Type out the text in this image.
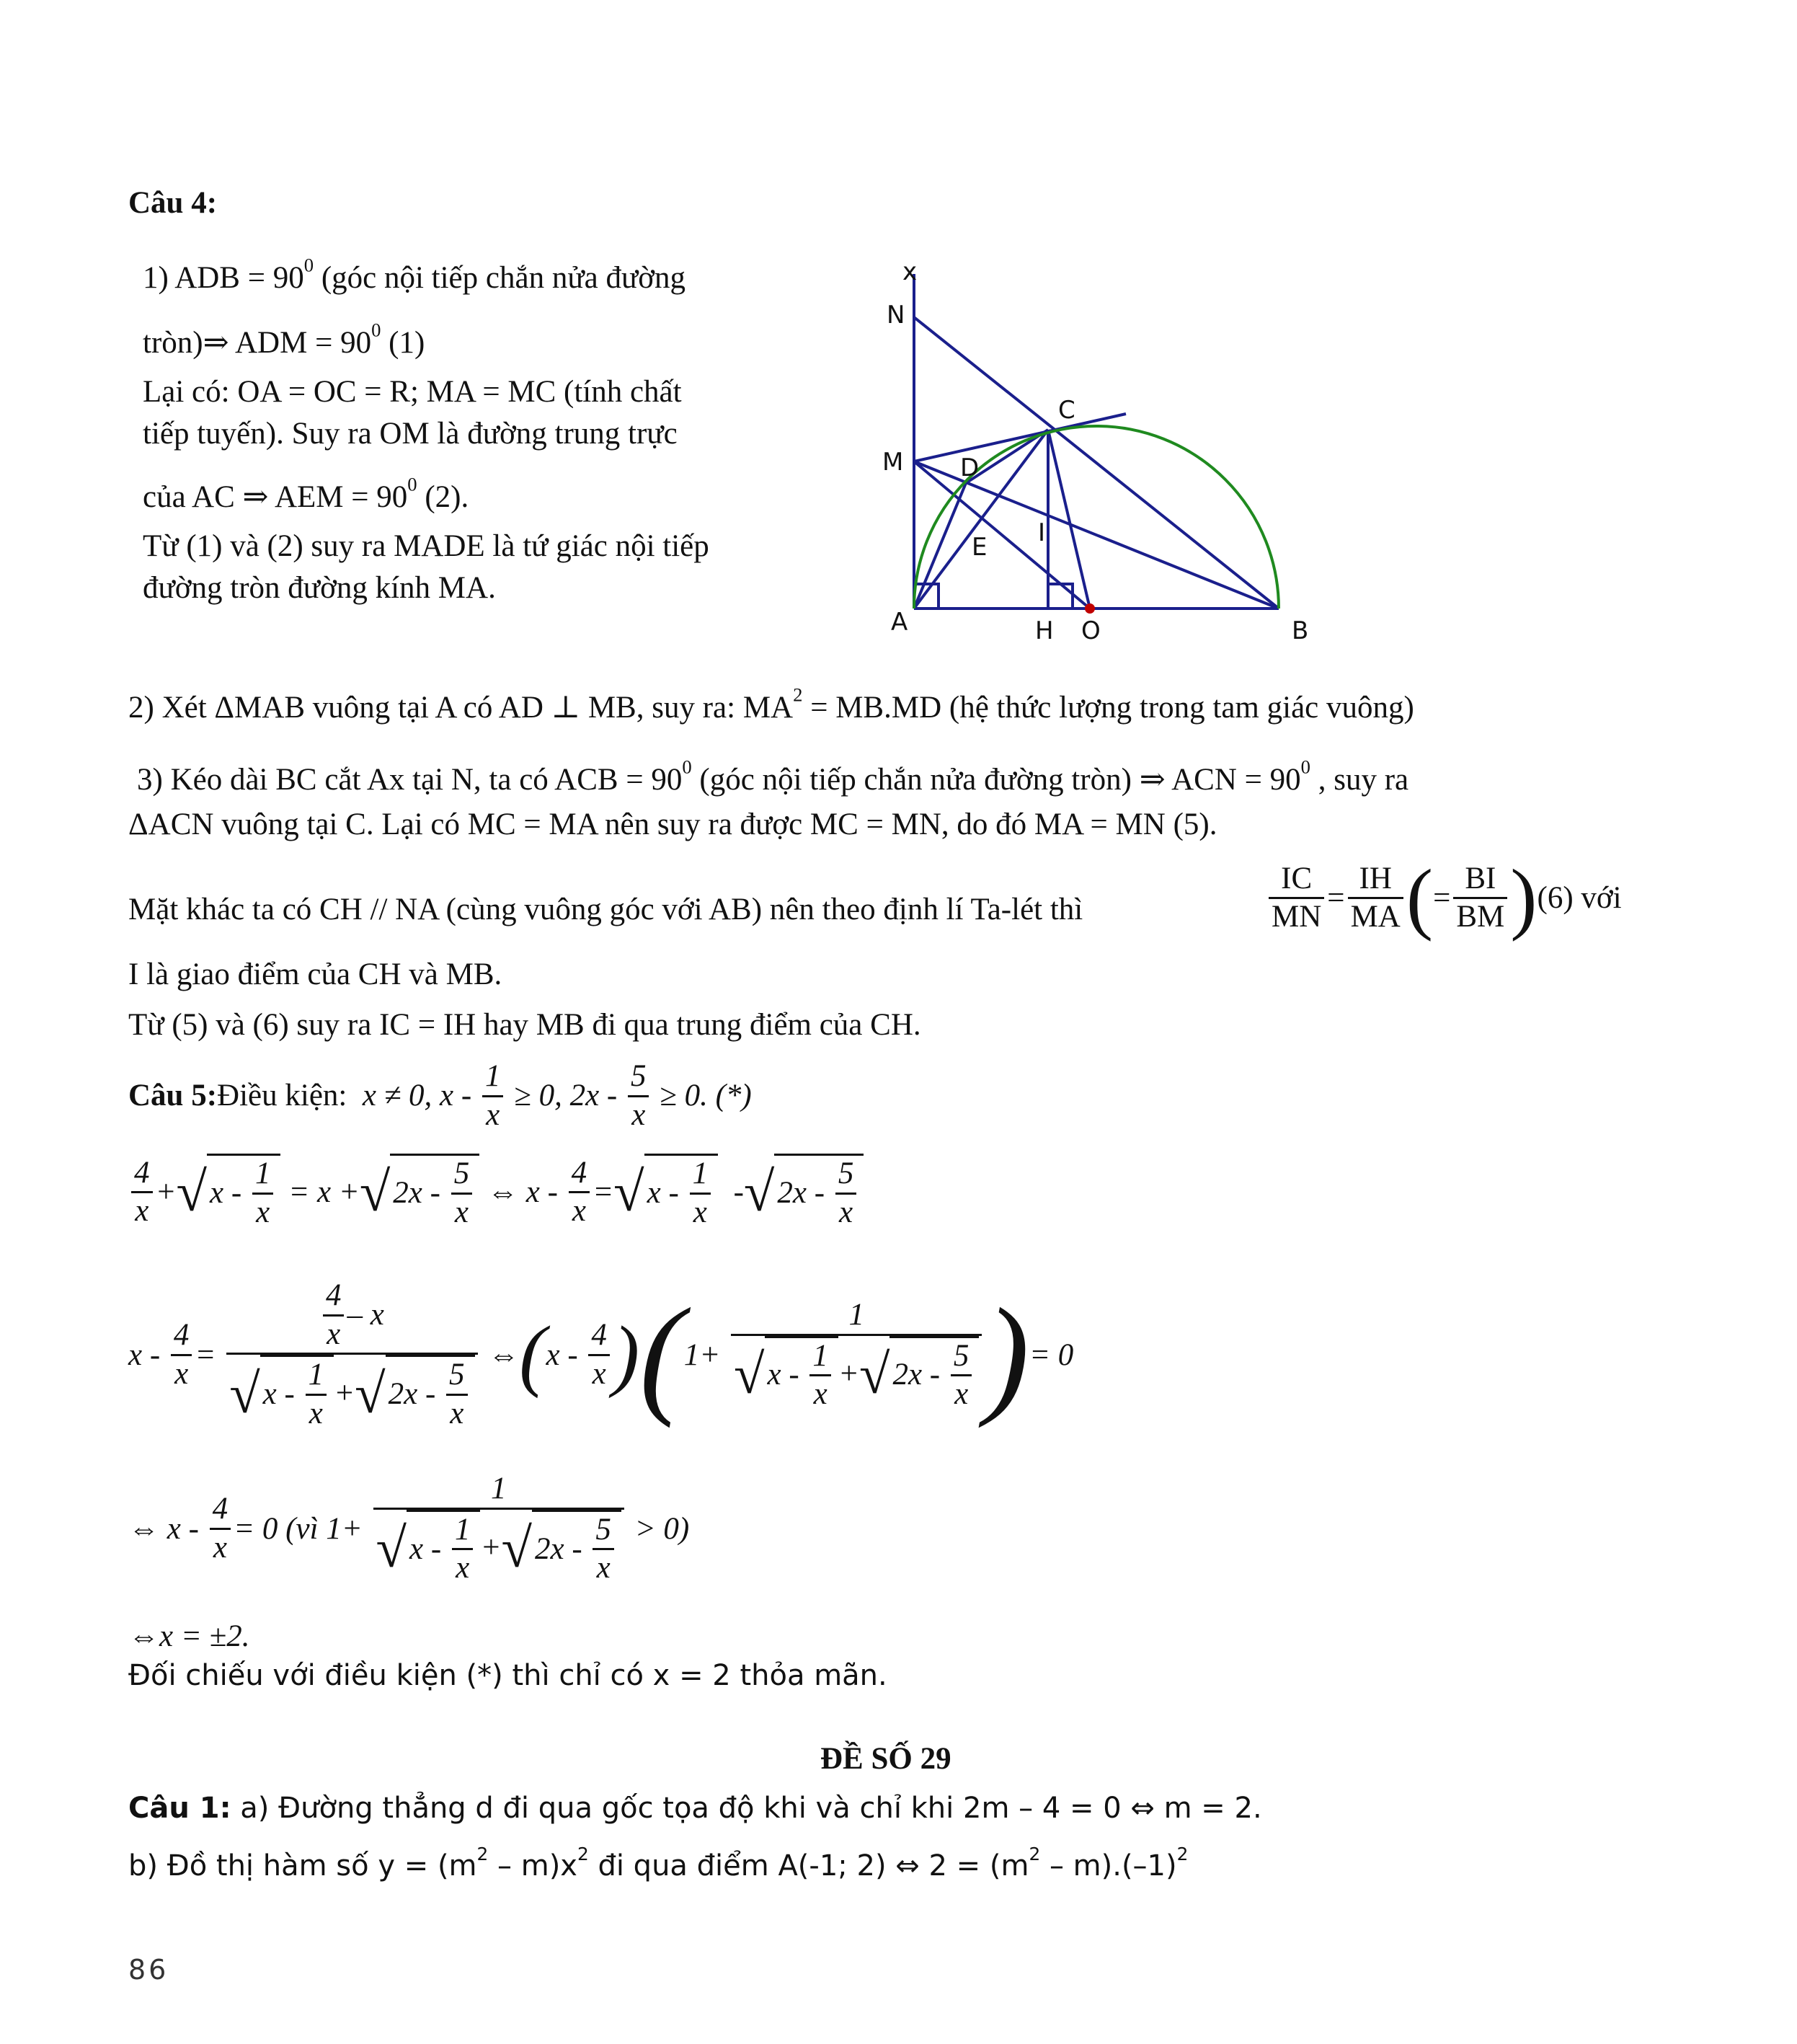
Câu 4:
1) ADB = $90^0$ (góc nội tiếp chắn nửa đường
tròn)⇒ ADM = $90^0$ (1)
Lại có: OA = OC = R; MA = MC (tính chất
tiếp tuyến). Suy ra OM là đường trung trực
của AC ⇒ AEM = $90^0$ (2).
Từ (1) và (2) suy ra MADE là tứ giác nội tiếp
đường tròn đường kính MA.
x
N
C
M D
I
E
A	H O	B
2) Xét ΔMAB vuông tại A có AD ⊥ MB, suy ra: $MA^2 = MB.MD$ (hệ thức lượng trong tam giác vuông)
3) Kéo dài BC cắt Ax tại N, ta có ACB = $90^0$ (góc nội tiếp chắn nửa đường tròn) ⇒ ACN = $90^0$ , suy ra
ΔACN vuông tại C. Lại có MC = MA nên suy ra được MC = MN, do đó MA = MN (5).
Mặt khác ta có CH // NA (cùng vuông góc với AB) nên theo định lí Ta-lét thì	$\frac{IC}{MN} = \frac{IH}{MA}$ (= $\frac{BI}{BM} )(6)$ với
I là giao điểm của CH và MB.
Từ (5) và (6) suy ra IC = IH hay MB đi qua trung điểm của CH.
Câu 5:Điều kiện: x ≠ 0, $x - \frac{1}{x} \ge 0$, $2x - \frac{5}{x} \ge 0$. (*)
$\frac{4}{x} +√x - \frac{1}{x} = x +√2x - \frac{5}{x}$ ⇔ $x - \frac{4}{x} =√x - \frac{1}{x} -√2x - \frac{5}{x}$
$x - \frac{4}{x} = \frac{\frac{4}{x} - x}{√x - \frac{1}{x} +√2x - \frac{5}{x}}$ ⇔(x - $\frac{4}{x} )(1+ \frac{1}{√x - \frac{1}{x} +√2x - \frac{5}{x}}$ )= 0
⇔ $x - \frac{4}{x} = 0$ (vì $1+ \frac{1}{√x - \frac{1}{x} +√2x - \frac{5}{x}} > 0$)
⇔x = ±2.
Đối chiếu với điều kiện (*) thì chỉ có x = 2 thỏa mãn.
ĐỀ SỐ 29
Câu 1: a) Đường thẳng d đi qua gốc tọa độ khi và chỉ khi 2m – 4 = 0 ⇔ m = 2.
b) Đồ thị hàm số $y = (m^2 - m)x^2$ đi qua điểm A(-1; 2) ⇔ $2 = (m^2 - m).(-1)^2$
86
